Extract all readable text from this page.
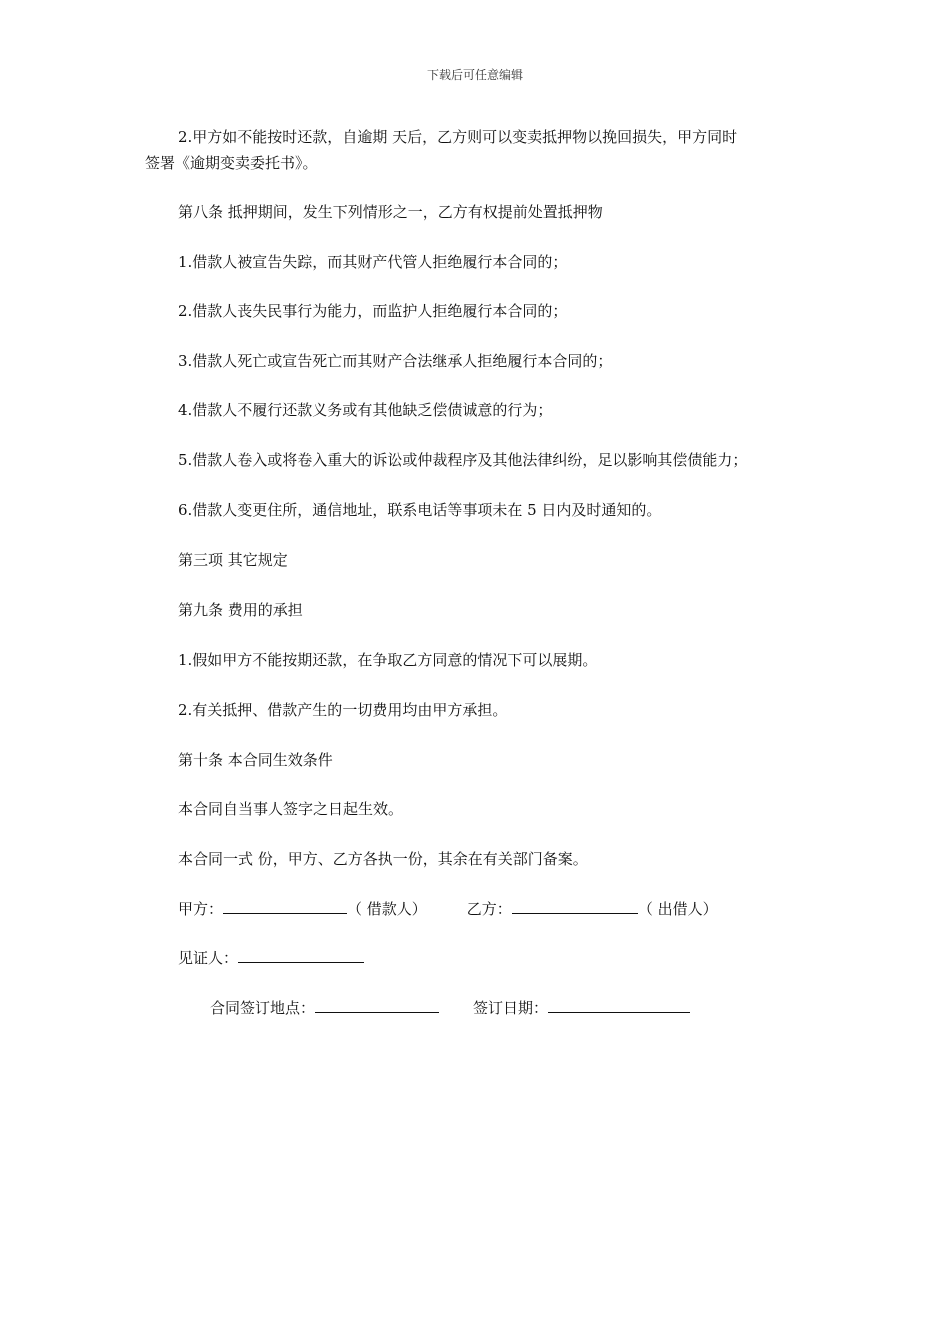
下载后可任意编辑
2.甲方如不能按时还款，自逾期 天后，乙方则可以变卖抵押物以挽回损失，甲方同时
签署《逾期变卖委托书》。
第八条 抵押期间，发生下列情形之一，乙方有权提前处置抵押物
1.借款人被宣告失踪，而其财产代管人拒绝履行本合同的；
2.借款人丧失民事行为能力，而监护人拒绝履行本合同的；
3.借款人死亡或宣告死亡而其财产合法继承人拒绝履行本合同的；
4.借款人不履行还款义务或有其他缺乏偿债诚意的行为；
5.借款人卷入或将卷入重大的诉讼或仲裁程序及其他法律纠纷，足以影响其偿债能力；
6.借款人变更住所，通信地址，联系电话等事项未在 5 日内及时通知的。
第三项 其它规定
第九条 费用的承担
1.假如甲方不能按期还款，在争取乙方同意的情况下可以展期。
2.有关抵押、借款产生的一切费用均由甲方承担。
第十条 本合同生效条件
本合同自当事人签字之日起生效。
本合同一式 份，甲方、乙方各执一份，其余在有关部门备案。
甲方：	（ 借款人）	乙方：	（ 出借人）
见证人：
合同签订地点：	签订日期：
